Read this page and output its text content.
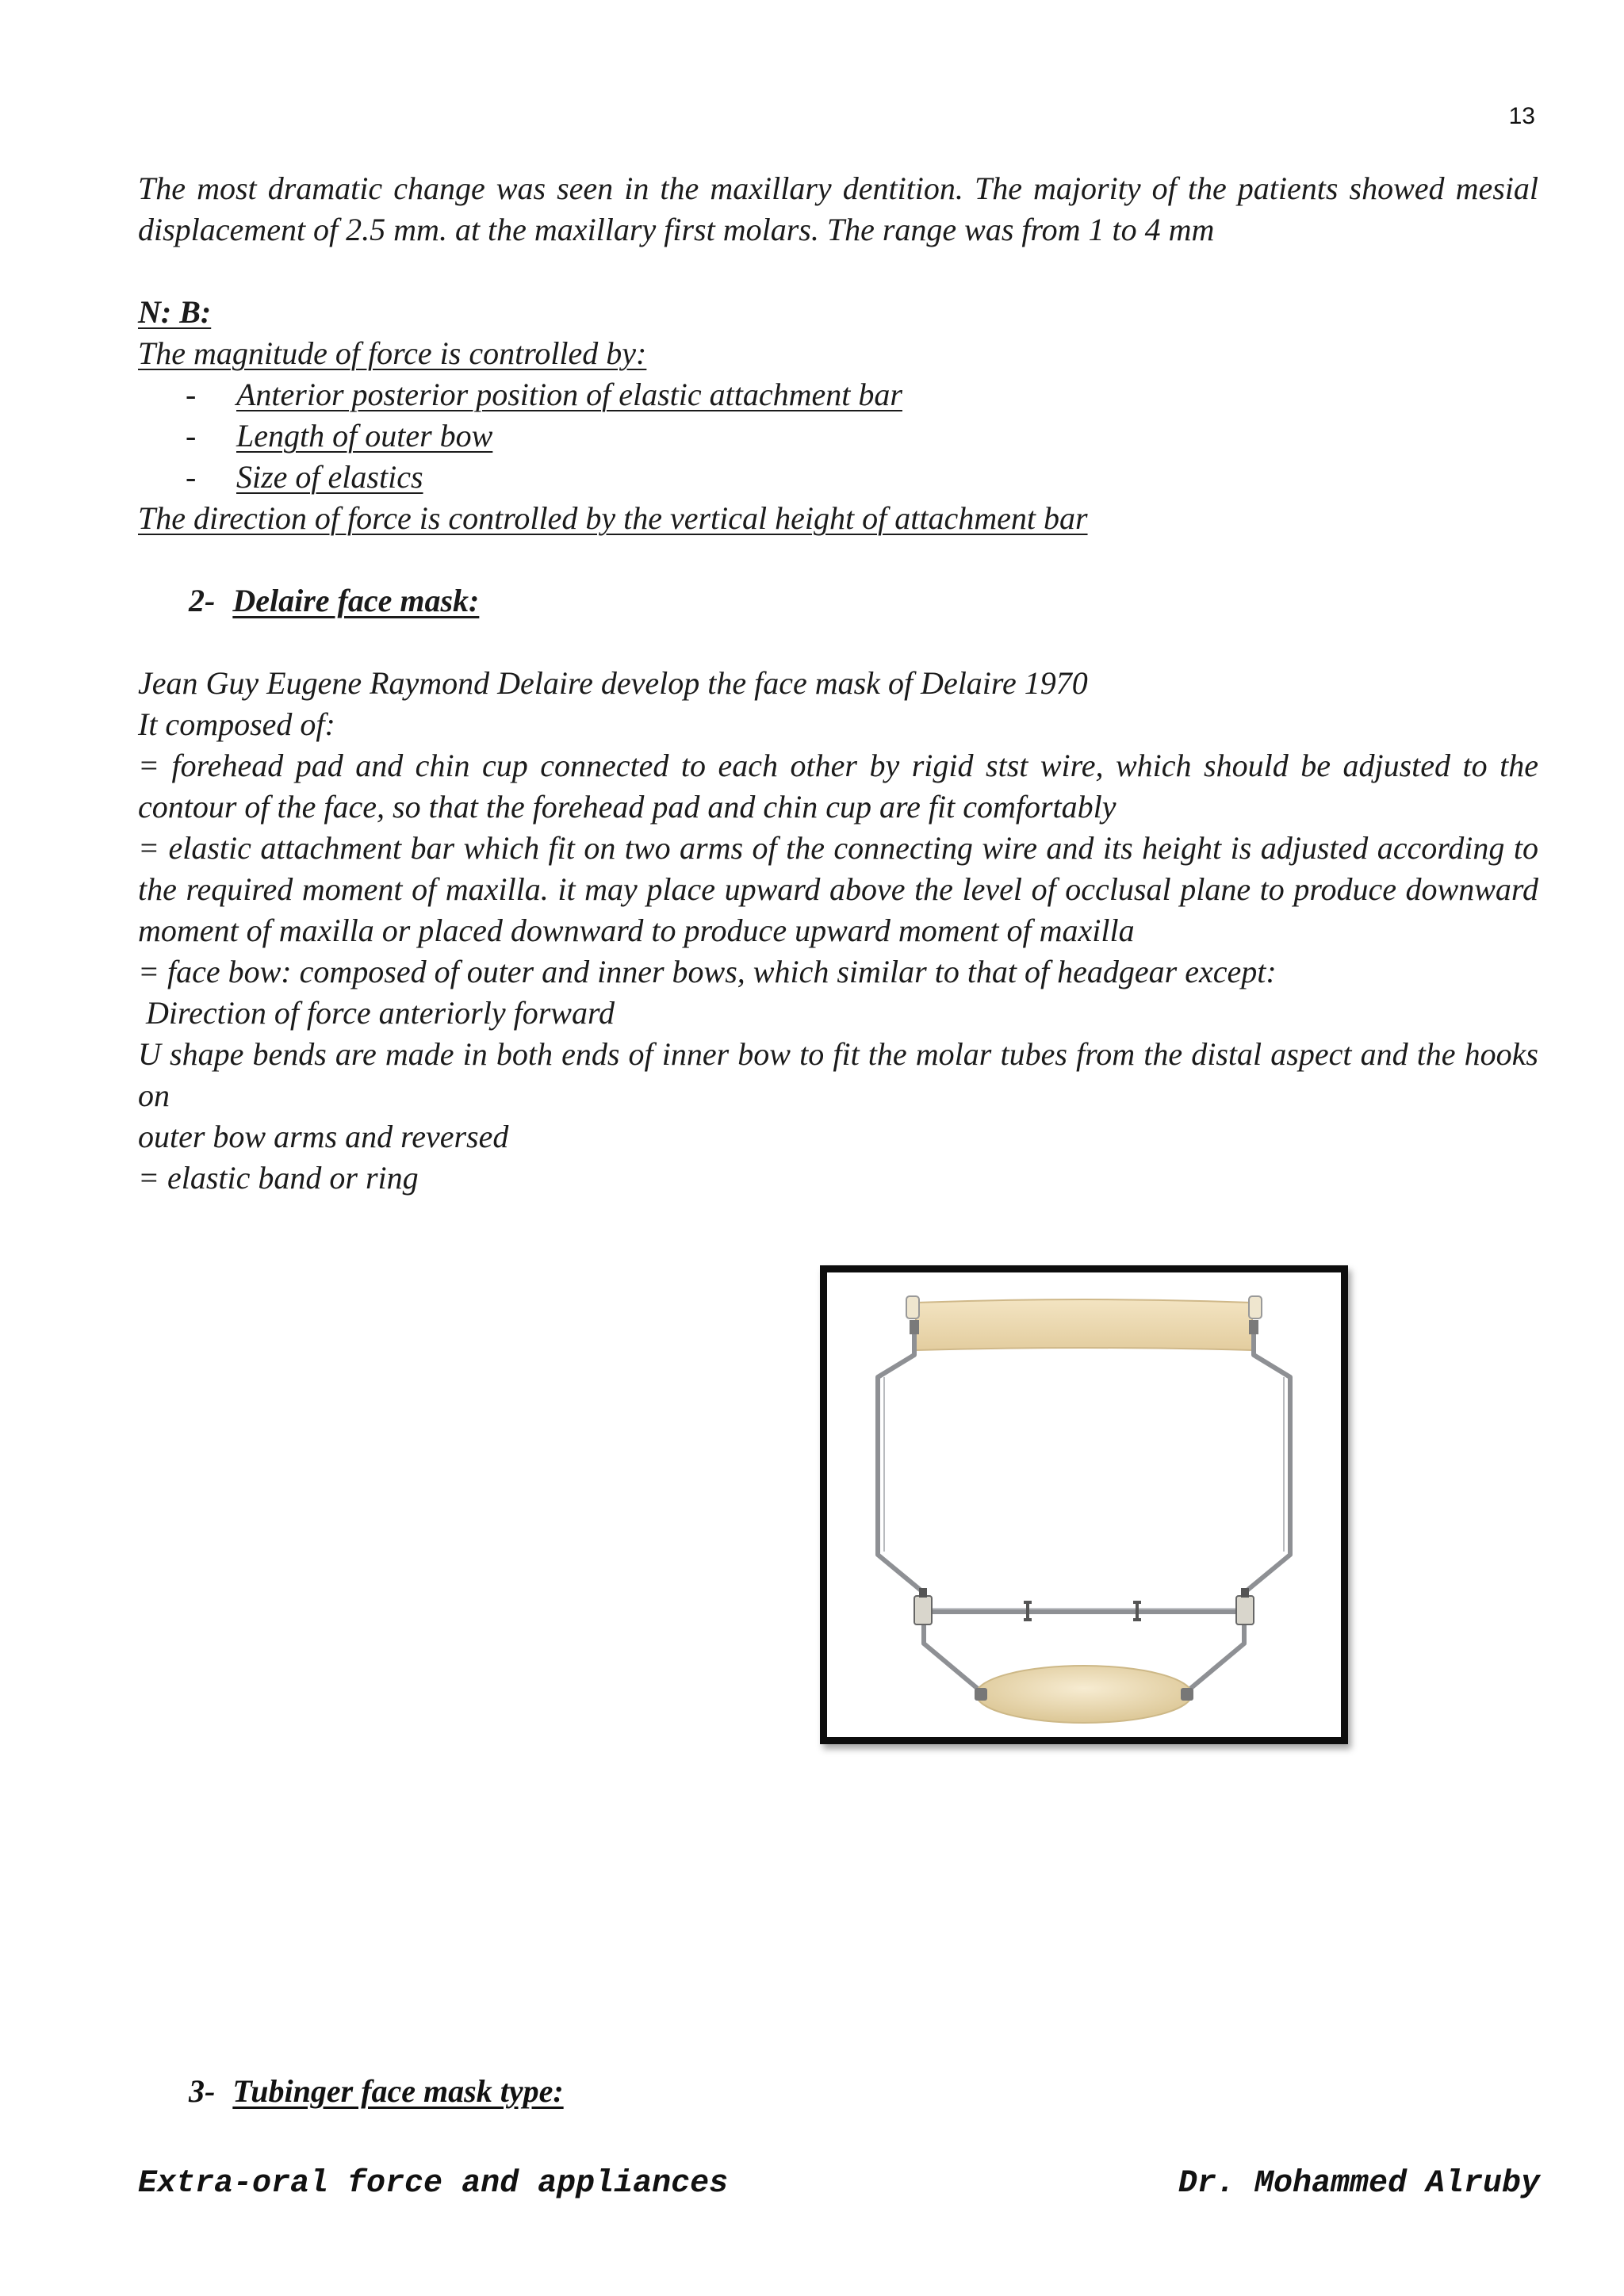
13

The most dramatic change was seen in the maxillary dentition. The majority of the patients showed mesial displacement of 2.5 mm. at the maxillary first molars. The range was from 1 to 4 mm

N: B:

The magnitude of force is controlled by:

- Anterior posterior position of elastic attachment bar
- Length of outer bow
- Size of elastics

The direction of force is controlled by the vertical height of attachment bar

2- Delaire face mask:

Jean Guy Eugene Raymond Delaire develop the face mask of Delaire 1970

It composed of:

= forehead pad and chin cup connected to each other by rigid stst wire, which should be adjusted to the contour of the face, so that the forehead pad and chin cup are fit comfortably

= elastic attachment bar which fit on two arms of the connecting wire and its height is adjusted according to the required moment of maxilla. it may place upward above the level of occlusal plane to produce downward moment of maxilla or placed downward to produce upward moment of maxilla

= face bow: composed of outer and inner bows, which similar to that of headgear except:

Direction of force anteriorly forward

U shape bends are made in both ends of inner bow to fit the molar tubes from the distal aspect and the hooks on

outer bow arms and reversed

= elastic band or ring

3- Tubinger face mask type:
Extra-oral force and appliances	Dr. Mohammed Alruby
